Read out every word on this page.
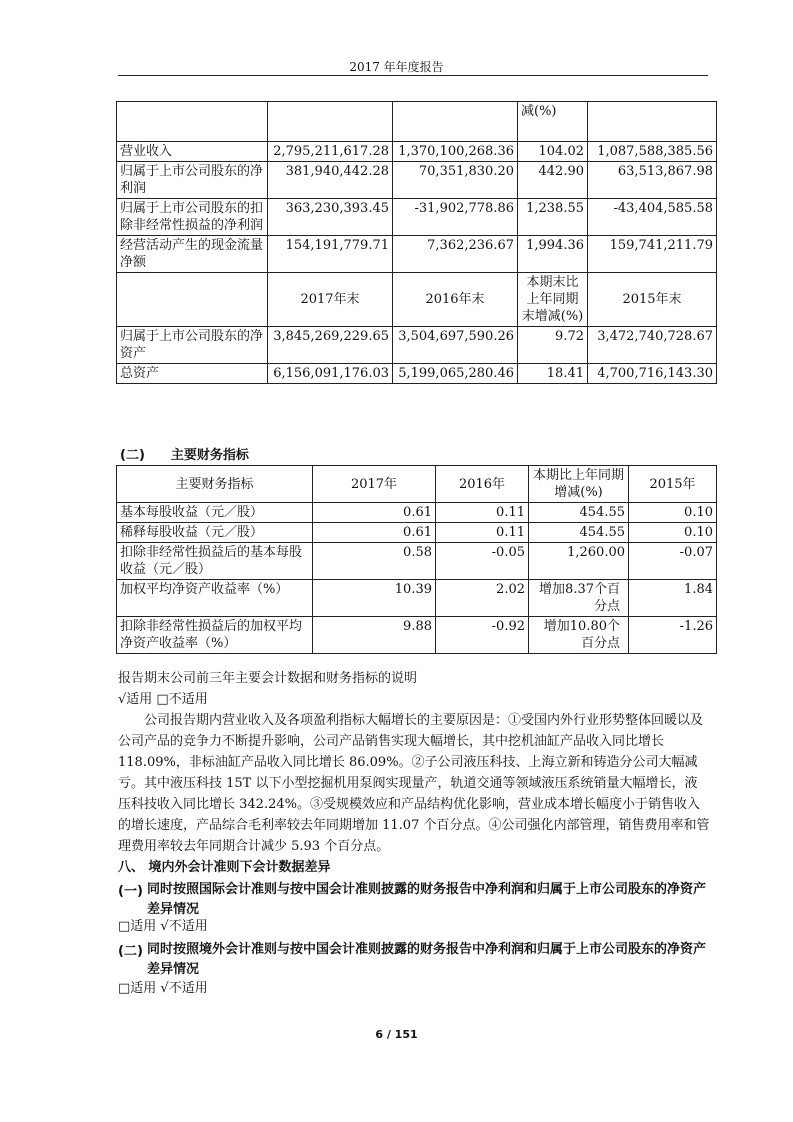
2017 年年度报告
			减(%)	
营业收入	2,795,211,617.28	1,370,100,268.36	104.02	1,087,588,385.56
归属于上市公司股东的净利润	381,940,442.28	70,351,830.20	442.90	63,513,867.98
归属于上市公司股东的扣除非经常性损益的净利润	363,230,393.45	-31,902,778.86	1,238.55	-43,404,585.58
经营活动产生的现金流量净额	154,191,779.71	7,362,236.67	1,994.36	159,741,211.79
	2017年末	2016年末	本期末比上年同期末增减(%)	2015年末
归属于上市公司股东的净资产	3,845,269,229.65	3,504,697,590.26	9.72	3,472,740,728.67
总资产	6,156,091,176.03	5,199,065,280.46	18.41	4,700,716,143.30
(二)　　主要财务指标
主要财务指标	2017年	2016年	本期比上年同期增减(%)	2015年
基本每股收益（元／股）	0.61	0.11	454.55	0.10
稀释每股收益（元／股）	0.61	0.11	454.55	0.10
扣除非经常性损益后的基本每股收益（元／股）	0.58	-0.05	1,260.00	-0.07
加权平均净资产收益率（%）	10.39	2.02	增加8.37个百分点	1.84
扣除非经常性损益后的加权平均净资产收益率（%）	9.88	-0.92	增加10.80个百分点	-1.26
报告期末公司前三年主要会计数据和财务指标的说明
√适用 □不适用
公司报告期内营业收入及各项盈利指标大幅增长的主要原因是：①受国内外行业形势整体回暖以及公司产品的竞争力不断提升影响，公司产品销售实现大幅增长，其中挖机油缸产品收入同比增长 118.09%，非标油缸产品收入同比增长 86.09%。②子公司液压科技、上海立新和铸造分公司大幅减亏。其中液压科技 15T 以下小型挖掘机用泵阀实现量产，轨道交通等领域液压系统销量大幅增长，液压科技收入同比增长 342.24%。③受规模效应和产品结构优化影响，营业成本增长幅度小于销售收入的增长速度，产品综合毛利率较去年同期增加 11.07 个百分点。④公司强化内部管理，销售费用率和管理费用率较去年同期合计减少 5.93 个百分点。
八、 境内外会计准则下会计数据差异
(一) 同时按照国际会计准则与按中国会计准则披露的财务报告中净利润和归属于上市公司股东的净资产差异情况
□适用 √不适用
(二) 同时按照境外会计准则与按中国会计准则披露的财务报告中净利润和归属于上市公司股东的净资产差异情况
□适用 √不适用
6 / 151
